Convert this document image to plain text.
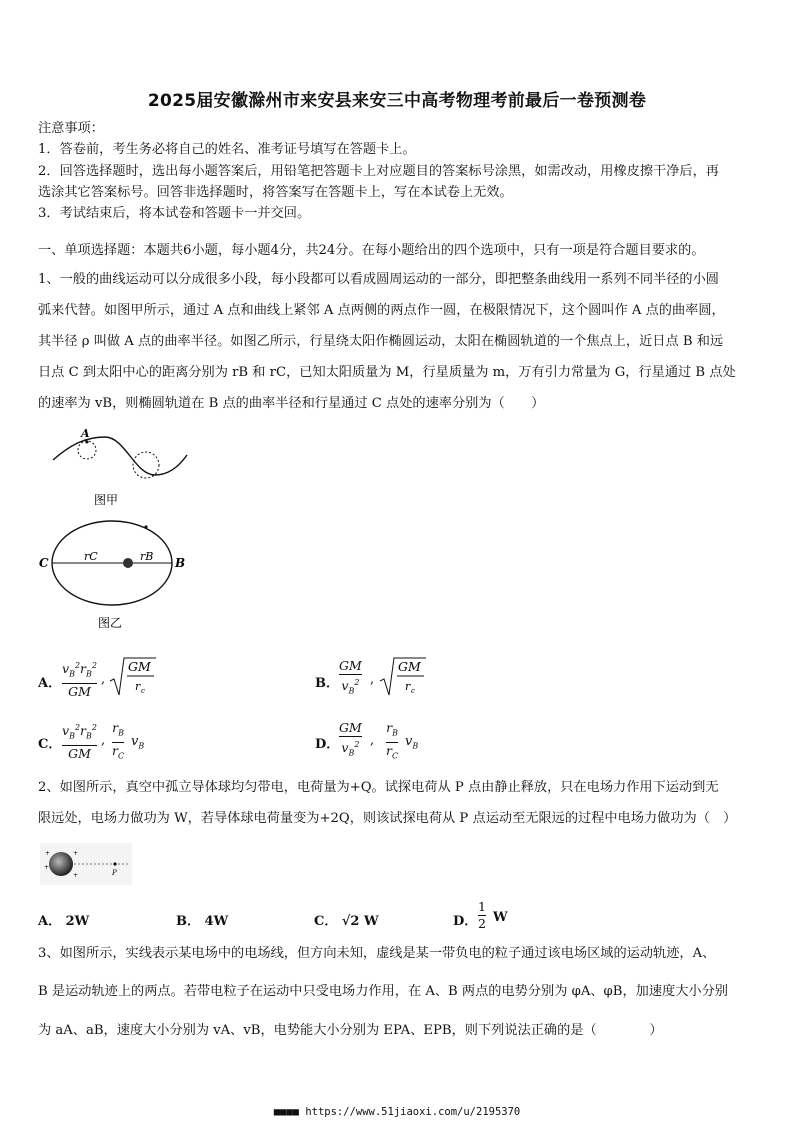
2025届安徽滁州市来安县来安三中高考物理考前最后一卷预测卷
注意事项：
1．答卷前，考生务必将自己的姓名、准考证号填写在答题卡上。
2．回答选择题时，选出每小题答案后，用铅笔把答题卡上对应题目的答案标号涂黑，如需改动，用橡皮擦干净后，再
选涂其它答案标号。回答非选择题时，将答案写在答题卡上，写在本试卷上无效。
3．考试结束后，将本试卷和答题卡一并交回。
一、单项选择题：本题共6小题，每小题4分，共24分。在每小题给出的四个选项中，只有一项是符合题目要求的。
1、一般的曲线运动可以分成很多小段，每小段都可以看成圆周运动的一部分，即把整条曲线用一系列不同半径的小圆
弧来代替。如图甲所示，通过 A 点和曲线上紧邻 A 点两侧的两点作一圆，在极限情况下，这个圆叫作 A 点的曲率圆，
其半径 ρ 叫做 A 点的曲率半径。如图乙所示，行星绕太阳作椭圆运动，太阳在椭圆轨道的一个焦点上，近日点 B 和远
日点 C 到太阳中心的距离分别为 rB 和 rC，已知太阳质量为 M，行星质量为 m，万有引力常量为 G，行星通过 B 点处
的速率为 vB，则椭圆轨道在 B 点的曲率半径和行星通过 C 点处的速率分别为（　　）
A
图甲
C	B
rC	rB
图乙
A．
$v_B^2r_B^2$
GM
,
GM
r c	B．
GM
$v_B^2$ ,
GM
r c
C．
$v_B^2r_B^2$
GM
,
$r_B$
$r_C$
$v_B$	D．
GM
$v_B^2$ ,
$r_B$
$r_C$
$v_B$
2、如图所示，真空中孤立导体球均匀带电，电荷量为+Q。试探电荷从 P 点由静止释放，只在电场力作用下运动到无
限远处，电场力做功为 W，若导体球电荷量变为+2Q，则该试探电荷从 P 点运动至无限远的过程中电场力做功为（　）
P
+
+
+
+
A． 2W	B． 4W	C． √2 W	D．
1
2 W
3、如图所示，实线表示某电场中的电场线，但方向未知，虚线是某一带负电的粒子通过该电场区域的运动轨迹，A、
B 是运动轨迹上的两点。若带电粒子在运动中只受电场力作用，在 A、B 两点的电势分别为 φA、φB，加速度大小分别
为 aA、aB，速度大小分别为 vA、vB，电势能大小分别为 EPA、EPB，则下列说法正确的是（　　　　）
■■■■ https://www.51jiaoxi.com/u/2195370
